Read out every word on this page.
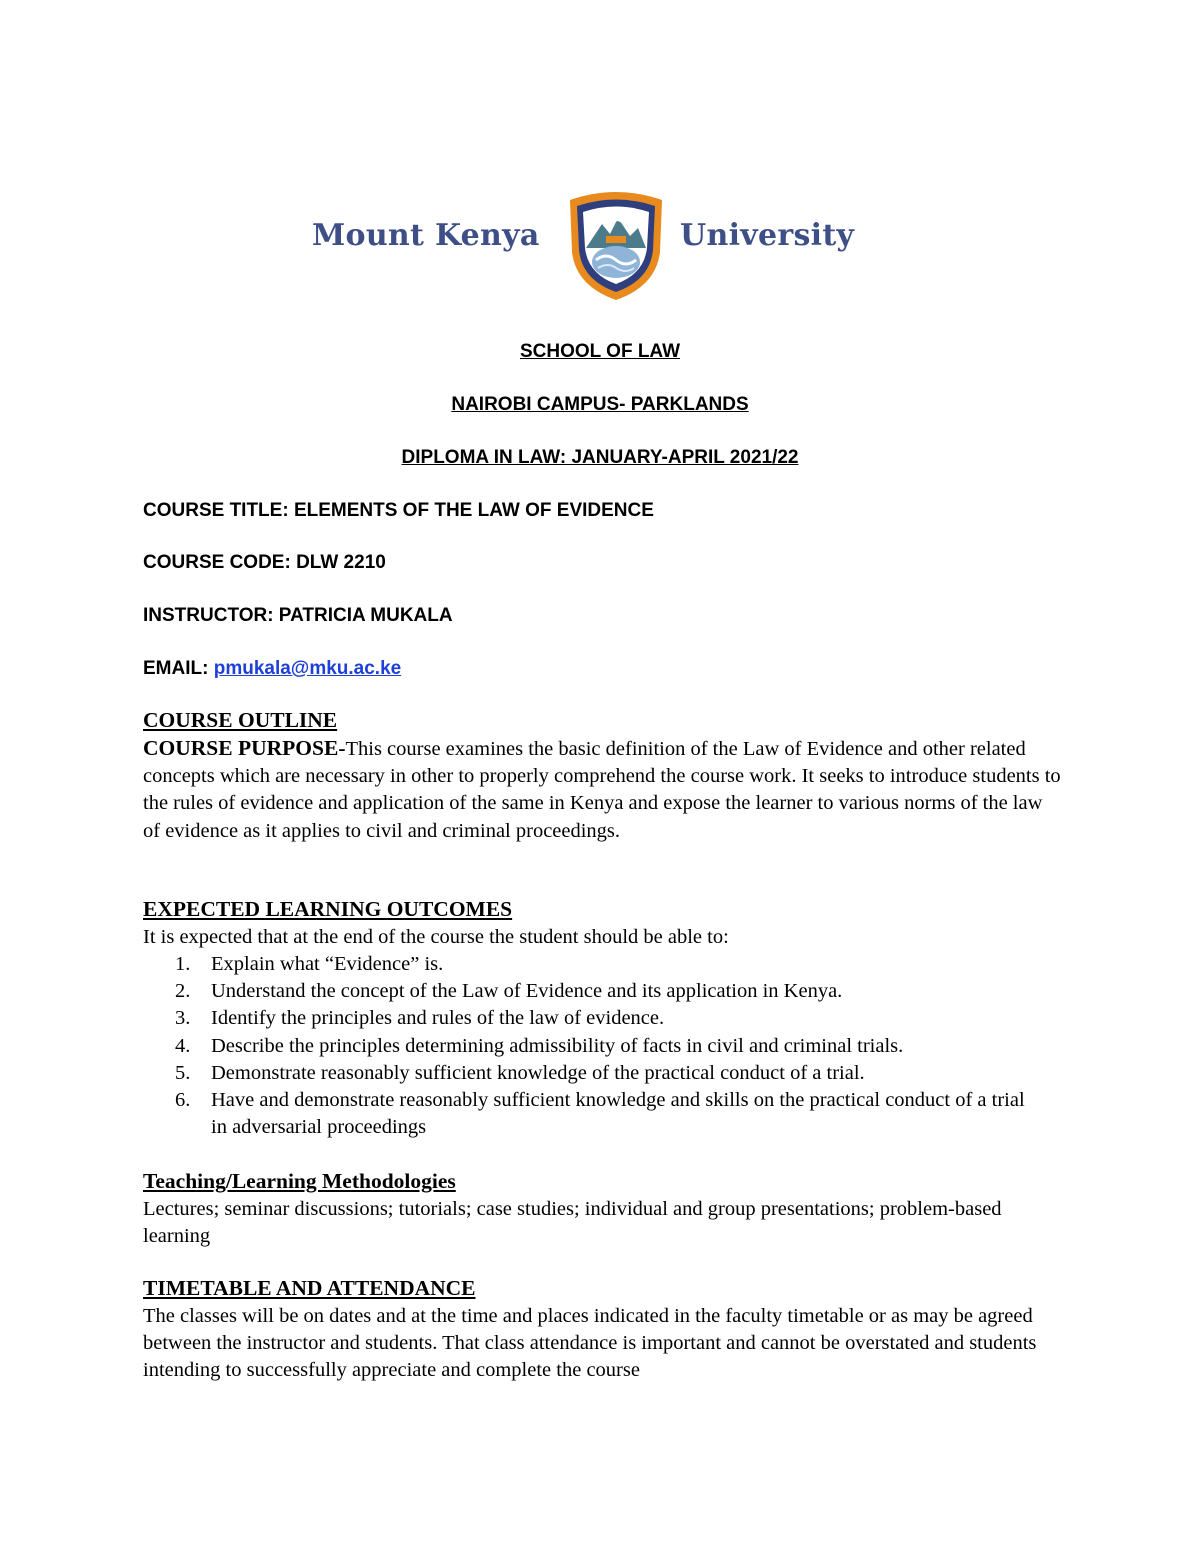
Mount Kenya	University
SCHOOL OF LAW
NAIROBI CAMPUS- PARKLANDS
DIPLOMA IN LAW: JANUARY-APRIL 2021/22
COURSE TITLE: ELEMENTS OF THE LAW OF EVIDENCE
COURSE CODE: DLW 2210
INSTRUCTOR: PATRICIA MUKALA
EMAIL: pmukala@mku.ac.ke
COURSE OUTLINE
COURSE PURPOSE-This course examines the basic definition of the Law of Evidence and other related concepts which are necessary in other to properly comprehend the course work. It seeks to introduce students to the rules of evidence and application of the same in Kenya and expose the learner to various norms of the law of evidence as it applies to civil and criminal proceedings.
EXPECTED LEARNING OUTCOMES
It is expected that at the end of the course the student should be able to:
1. Explain what “Evidence” is.
2. Understand the concept of the Law of Evidence and its application in Kenya.
3. Identify the principles and rules of the law of evidence.
4. Describe the principles determining admissibility of facts in civil and criminal trials.
5. Demonstrate reasonably sufficient knowledge of the practical conduct of a trial.
6. Have and demonstrate reasonably sufficient knowledge and skills on the practical conduct of a trial in adversarial proceedings
Teaching/Learning Methodologies
Lectures; seminar discussions; tutorials; case studies; individual and group presentations; problem-based learning
TIMETABLE AND ATTENDANCE
The classes will be on dates and at the time and places indicated in the faculty timetable or as may be agreed between the instructor and students. That class attendance is important and cannot be overstated and students intending to successfully appreciate and complete the course
